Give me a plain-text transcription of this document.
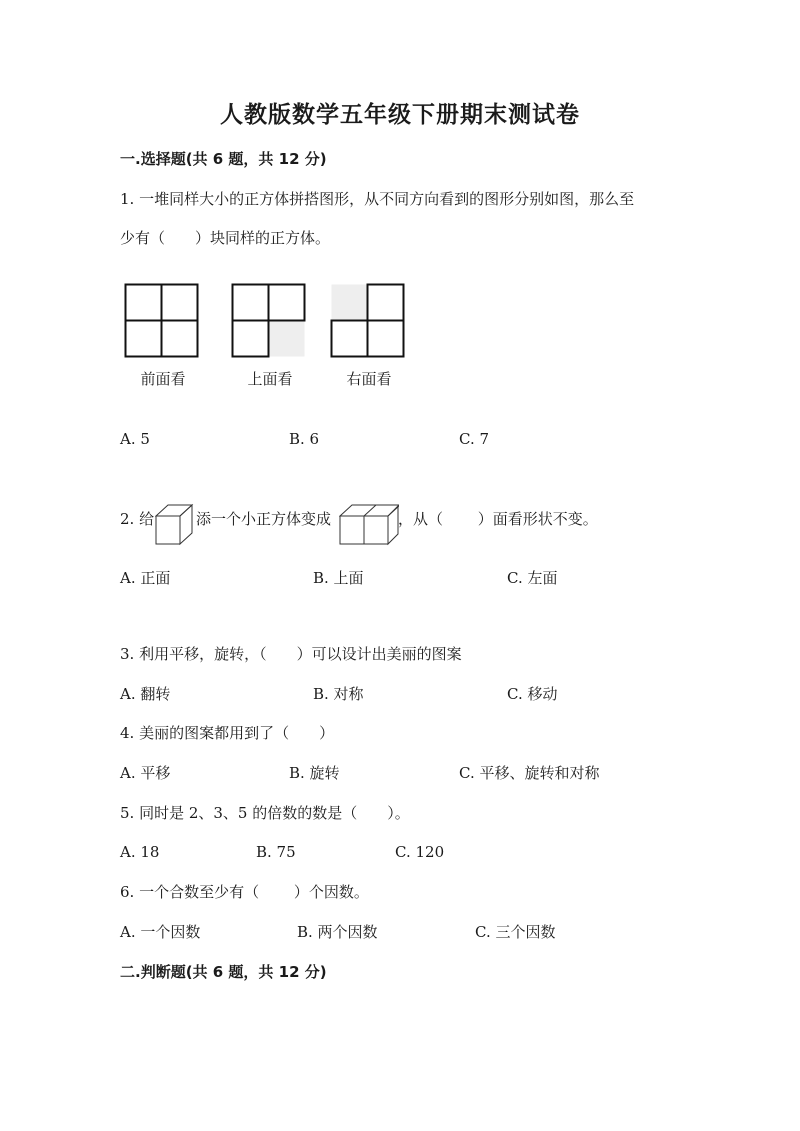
人教版数学五年级下册期末测试卷
一.选择题(共 6 题，共 12 分)
1. 一堆同样大小的正方体拼搭图形，从不同方向看到的图形分别如图，那么至
少有（　　）块同样的正方体。
前面看	上面看	右面看
A. 5	B. 6	C. 7
2. 给	添一个小正方体变成	，从（　　 ）面看形状不变。
A. 正面	B. 上面	C. 左面
3. 利用平移，旋转，（　　）可以设计出美丽的图案
A. 翻转	B. 对称	C. 移动
4. 美丽的图案都用到了（　　）
A. 平移	B. 旋转	C. 平移、旋转和对称
5. 同时是 2、3、5 的倍数的数是（　　）。
A. 18	B. 75	C. 120
6. 一个合数至少有（　　 ）个因数。
A. 一个因数	B. 两个因数	C. 三个因数
二.判断题(共 6 题，共 12 分)
